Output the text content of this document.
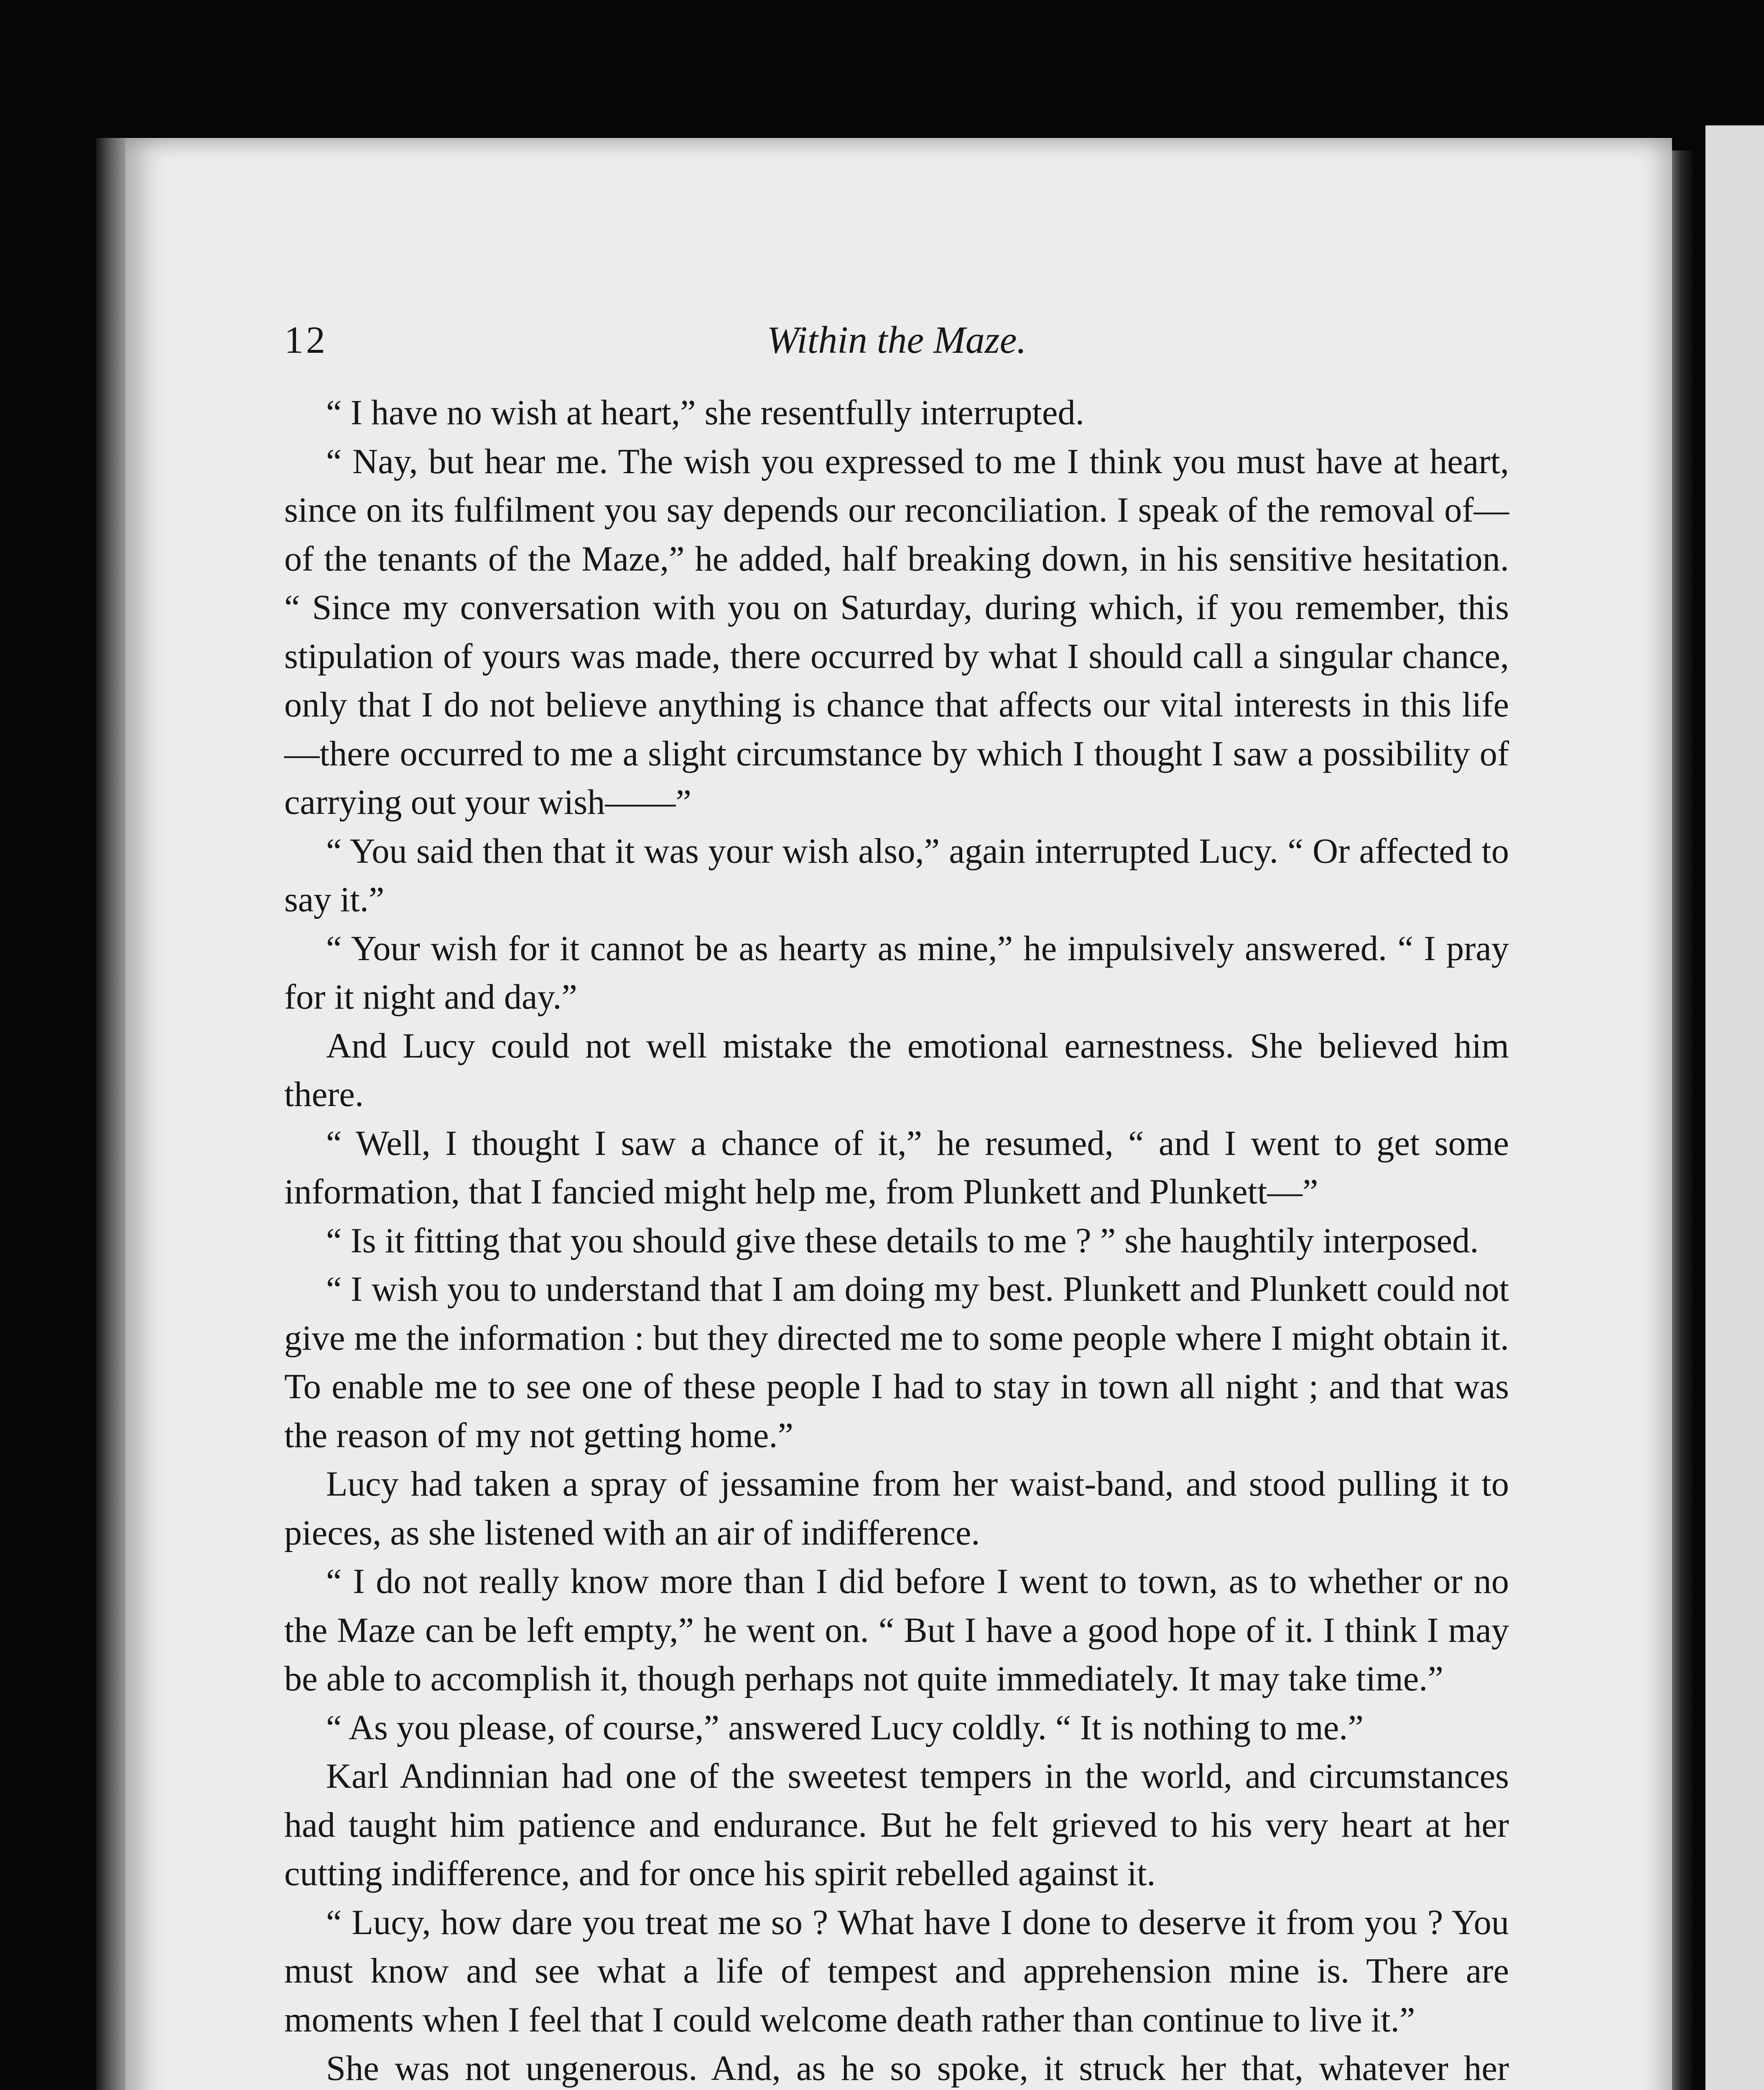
12	Within the Maze.

“ I have no wish at heart,” she resentfully interrupted.

“ Nay, but hear me. The wish you expressed to me I think you must have at heart, since on its fulfilment you say depends our reconciliation. I speak of the removal of—of the tenants of the Maze,” he added, half breaking down, in his sensitive hesitation. “ Since my conversation with you on Saturday, during which, if you remember, this stipulation of yours was made, there occurred by what I should call a singular chance, only that I do not believe anything is chance that affects our vital interests in this life—there occurred to me a slight circumstance by which I thought I saw a possibility of carrying out your wish——”

“ You said then that it was your wish also,” again interrupted Lucy. “ Or affected to say it.”

“ Your wish for it cannot be as hearty as mine,” he impulsively answered. “ I pray for it night and day.”

And Lucy could not well mistake the emotional earnestness. She believed him there.

“ Well, I thought I saw a chance of it,” he resumed, “ and I went to get some information, that I fancied might help me, from Plunkett and Plunkett—”

“ Is it fitting that you should give these details to me ? ” she haughtily interposed.

“ I wish you to understand that I am doing my best. Plunkett and Plunkett could not give me the information : but they directed me to some people where I might obtain it. To enable me to see one of these people I had to stay in town all night ; and that was the reason of my not getting home.”

Lucy had taken a spray of jessamine from her waist-band, and stood pulling it to pieces, as she listened with an air of indifference.

“ I do not really know more than I did before I went to town, as to whether or no the Maze can be left empty,” he went on. “ But I have a good hope of it. I think I may be able to accomplish it, though perhaps not quite immediately. It may take time.”

“ As you please, of course,” answered Lucy coldly. “ It is nothing to me.”

Karl Andinnian had one of the sweetest tempers in the world, and circumstances had taught him patience and endurance. But he felt grieved to his very heart at her cutting indifference, and for once his spirit rebelled against it.

“ Lucy, how dare you treat me so ? What have I done to deserve it from you ? You must know and see what a life of tempest and apprehension mine is. There are moments when I feel that I could welcome death rather than continue to live it.”

She was not ungenerous. And, as he so spoke, it struck her that, whatever her
